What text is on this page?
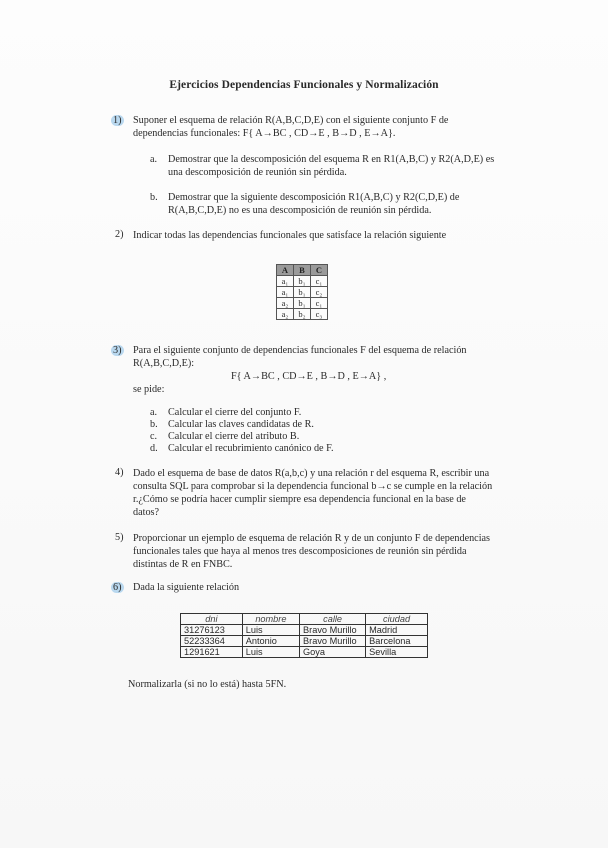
Ejercicios Dependencias Funcionales y Normalización
1) Suponer el esquema de relación R(A,B,C,D,E) con el siguiente conjunto F de
dependencias funcionales: F{ A→BC , CD→E , B→D , E→A}.
a. Demostrar que la descomposición del esquema R en R1(A,B,C) y R2(A,D,E) es
una descomposición de reunión sin pérdida.
b. Demostrar que la siguiente descomposición R1(A,B,C) y R2(C,D,E) de
R(A,B,C,D,E) no es una descomposición de reunión sin pérdida.
2) Indicar todas las dependencias funcionales que satisface la relación siguiente
A	B	C
a₁	b₁	c₁
a₁	b₁	c₂
a₂	b₁	c₁
a₂	b₂	c₃
3) Para el siguiente conjunto de dependencias funcionales F del esquema de relación
R(A,B,C,D,E):
F{ A→BC , CD→E , B→D , E→A} ,
se pide:
a. Calcular el cierre del conjunto F.
b. Calcular las claves candidatas de R.
c. Calcular el cierre del atributo B.
d. Calcular el recubrimiento canónico de F.
4) Dado el esquema de base de datos R(a,b,c) y una relación r del esquema R, escribir una
consulta SQL para comprobar si la dependencia funcional b→c se cumple en la relación
r.¿Cómo se podría hacer cumplir siempre esa dependencia funcional en la base de
datos?
5) Proporcionar un ejemplo de esquema de relación R y de un conjunto F de dependencias
funcionales tales que haya al menos tres descomposiciones de reunión sin pérdida
distintas de R en FNBC.
6) Dada la siguiente relación
dni	nombre	calle	ciudad
31276123	Luis	Bravo Murillo	Madrid
52233364	Antonio	Bravo Murillo	Barcelona
1291621	Luis	Goya	Sevilla
Normalizarla (si no lo está) hasta 5FN.
